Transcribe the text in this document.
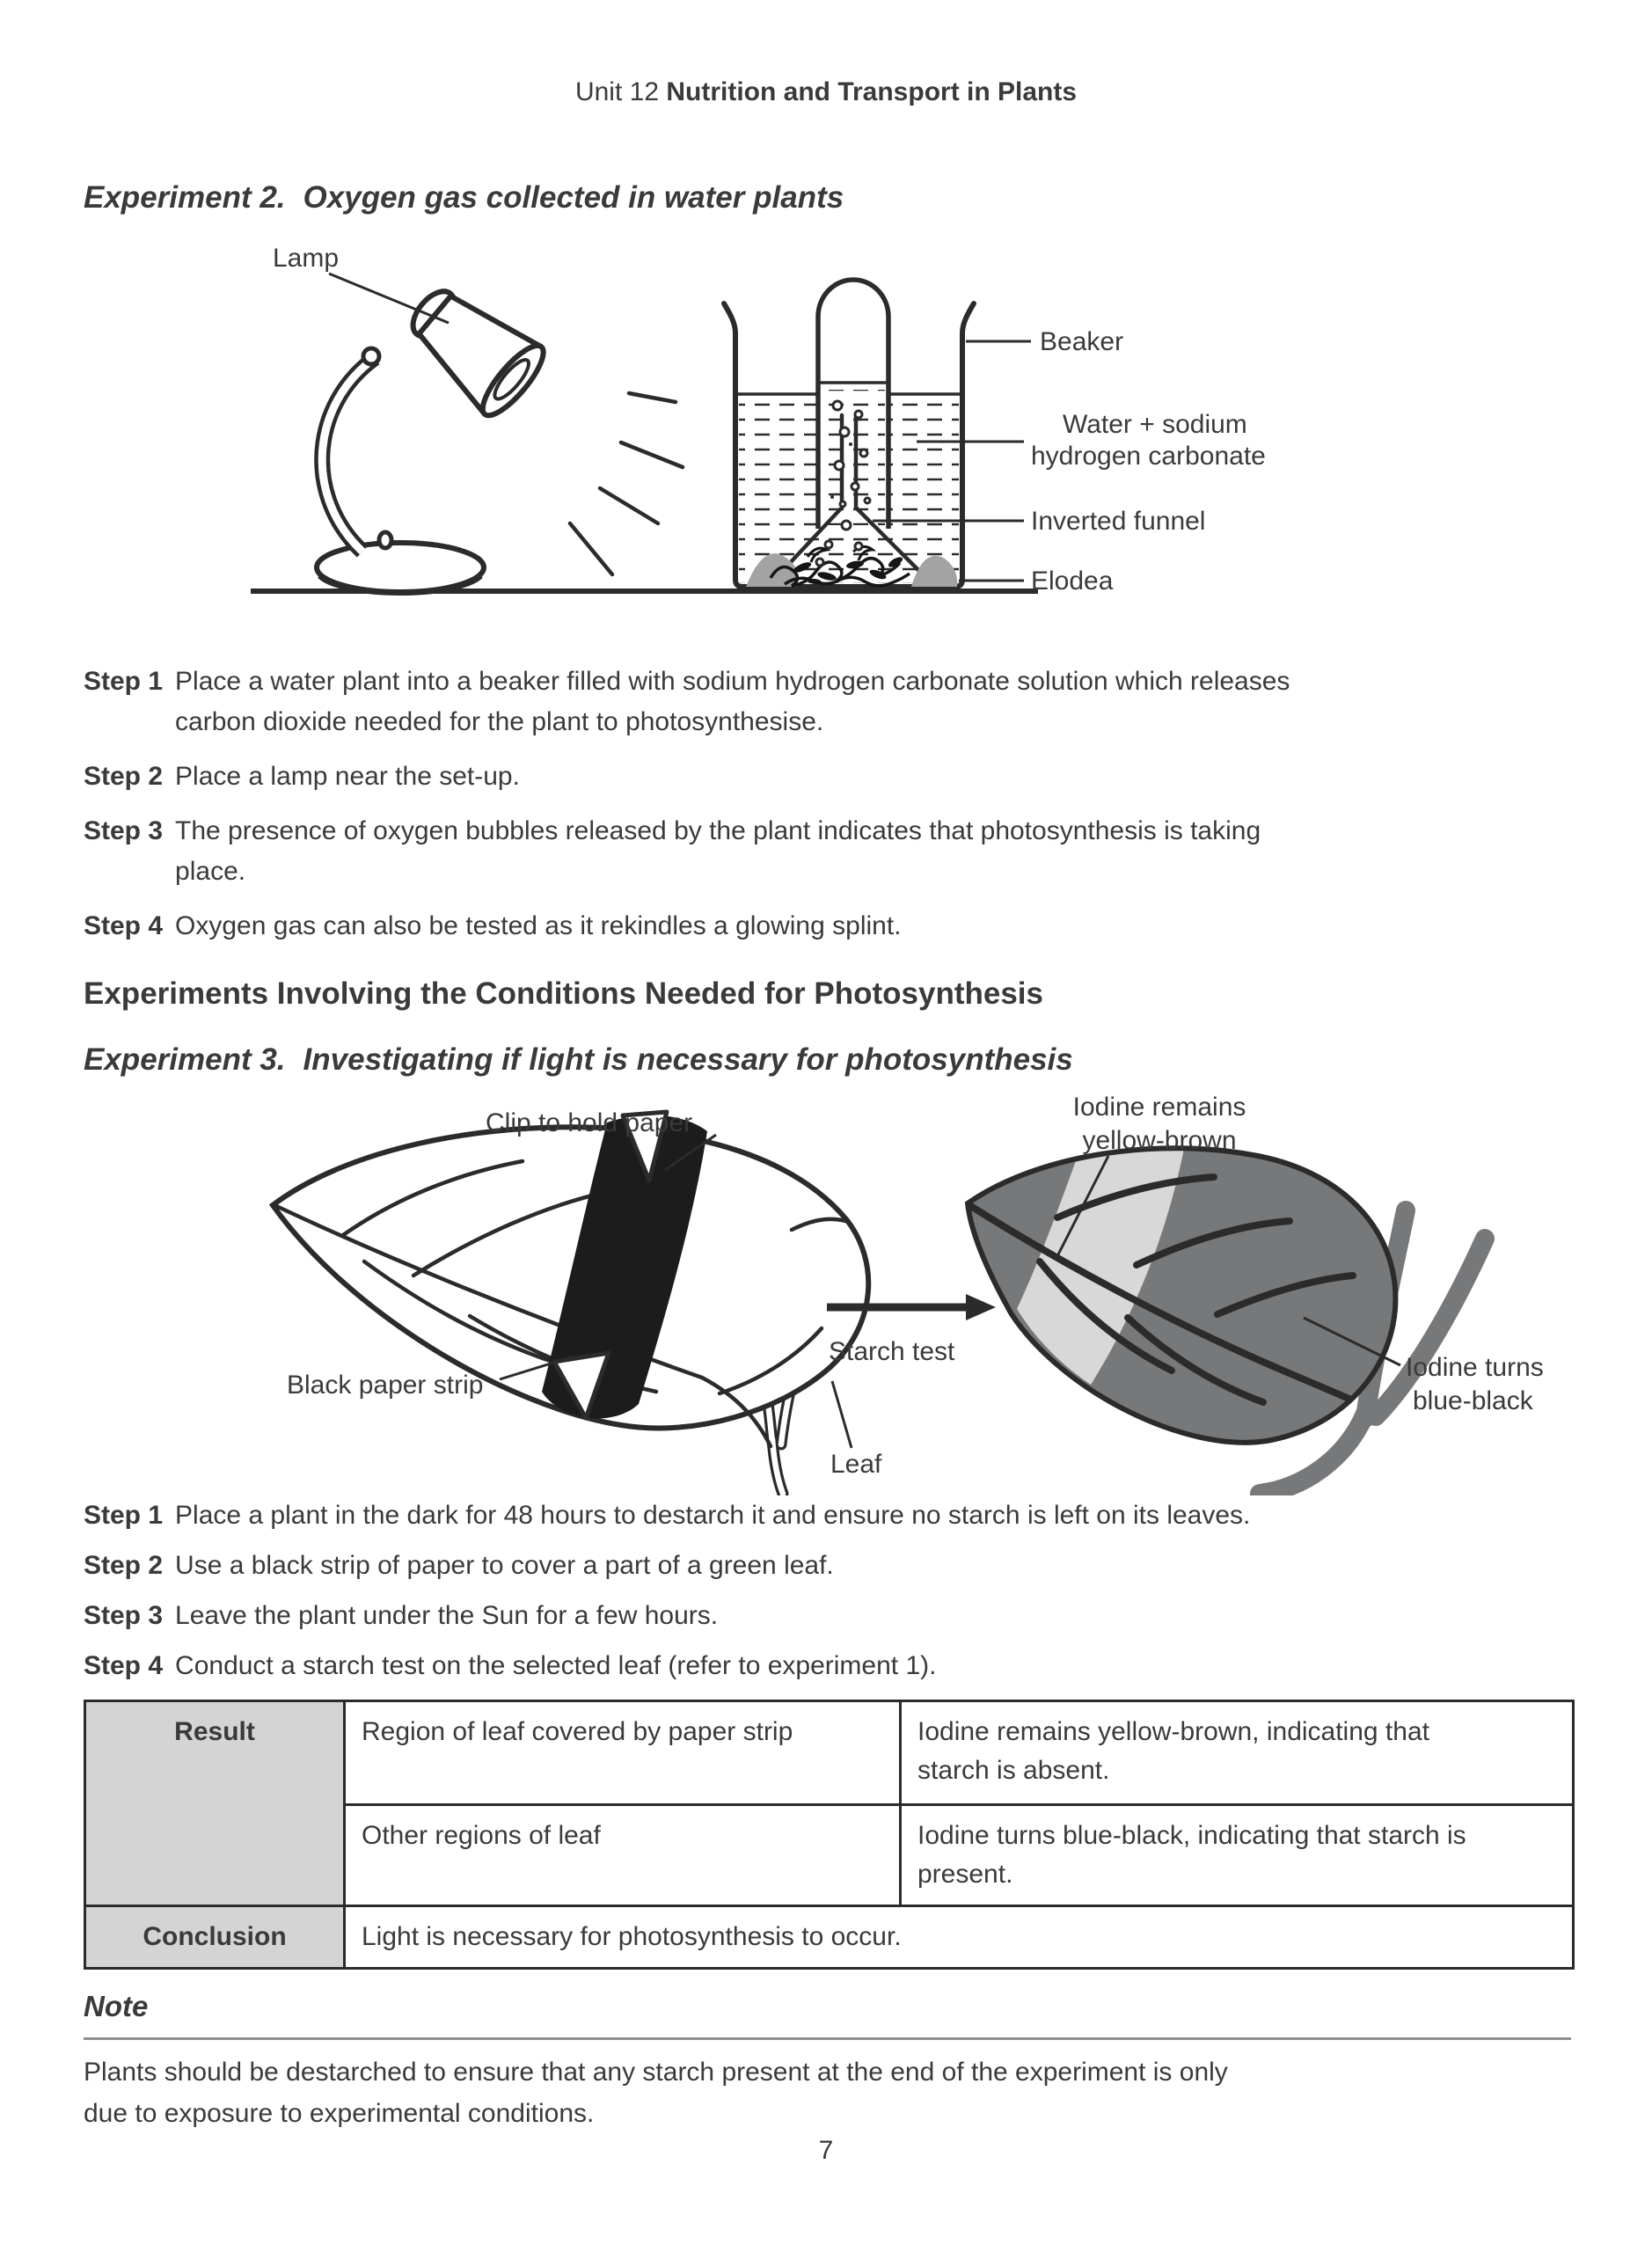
Unit 12 Nutrition and Transport in Plants
Experiment 2. Oxygen gas collected in water plants
Lamp
Beaker
Water + sodium
hydrogen carbonate
Inverted funnel
Elodea
Step 1 Place a water plant into a beaker filled with sodium hydrogen carbonate solution which releases carbon dioxide needed for the plant to photosynthesise.
Step 2 Place a lamp near the set-up.
Step 3 The presence of oxygen bubbles released by the plant indicates that photosynthesis is taking place.
Step 4 Oxygen gas can also be tested as it rekindles a glowing splint.
Experiments Involving the Conditions Needed for Photosynthesis
Experiment 3. Investigating if light is necessary for photosynthesis
Clip to hold paper
Black paper strip
Leaf
Starch test
Iodine remains
yellow-brown
Iodine turns
blue-black
Step 1 Place a plant in the dark for 48 hours to destarch it and ensure no starch is left on its leaves.
Step 2 Use a black strip of paper to cover a part of a green leaf.
Step 3 Leave the plant under the Sun for a few hours.
Step 4 Conduct a starch test on the selected leaf (refer to experiment 1).
Result	Region of leaf covered by paper strip	Iodine remains yellow-brown, indicating that starch is absent.

	Other regions of leaf	Iodine turns blue-black, indicating that starch is present.

Conclusion	Light is necessary for photosynthesis to occur.	
Note
Plants should be destarched to ensure that any starch present at the end of the experiment is only
due to exposure to experimental conditions.
7
